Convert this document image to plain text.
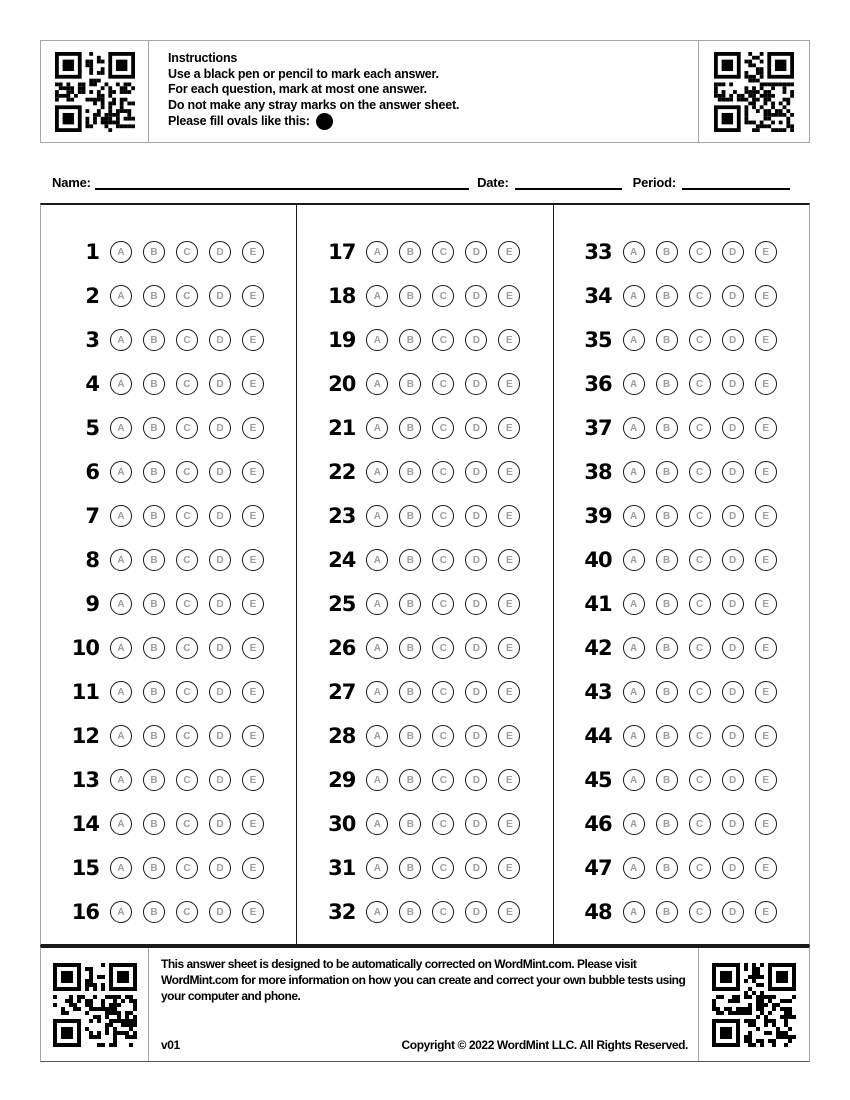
Instructions
Use a black pen or pencil to mark each answer.
For each question, mark at most one answer.
Do not make any stray marks on the answer sheet.
Please fill ovals like this:
Name:	Date:	Period:
1	A	B	C	D	E
2	A	B	C	D	E
3	A	B	C	D	E
4	A	B	C	D	E
5	A	B	C	D	E
6	A	B	C	D	E
7	A	B	C	D	E
8	A	B	C	D	E
9	A	B	C	D	E
10	A	B	C	D	E
11	A	B	C	D	E
12	A	B	C	D	E
13	A	B	C	D	E
14	A	B	C	D	E
15	A	B	C	D	E
16	A	B	C	D	E
17	A	B	C	D	E
18	A	B	C	D	E
19	A	B	C	D	E
20	A	B	C	D	E
21	A	B	C	D	E
22	A	B	C	D	E
23	A	B	C	D	E
24	A	B	C	D	E
25	A	B	C	D	E
26	A	B	C	D	E
27	A	B	C	D	E
28	A	B	C	D	E
29	A	B	C	D	E
30	A	B	C	D	E
31	A	B	C	D	E
32	A	B	C	D	E
33	A	B	C	D	E
34	A	B	C	D	E
35	A	B	C	D	E
36	A	B	C	D	E
37	A	B	C	D	E
38	A	B	C	D	E
39	A	B	C	D	E
40	A	B	C	D	E
41	A	B	C	D	E
42	A	B	C	D	E
43	A	B	C	D	E
44	A	B	C	D	E
45	A	B	C	D	E
46	A	B	C	D	E
47	A	B	C	D	E
48	A	B	C	D	E
This answer sheet is designed to be automatically corrected on WordMint.com. Please visit WordMint.com for more information on how you can create and correct your own bubble tests using your computer and phone.
v01	Copyright © 2022 WordMint LLC. All Rights Reserved.
